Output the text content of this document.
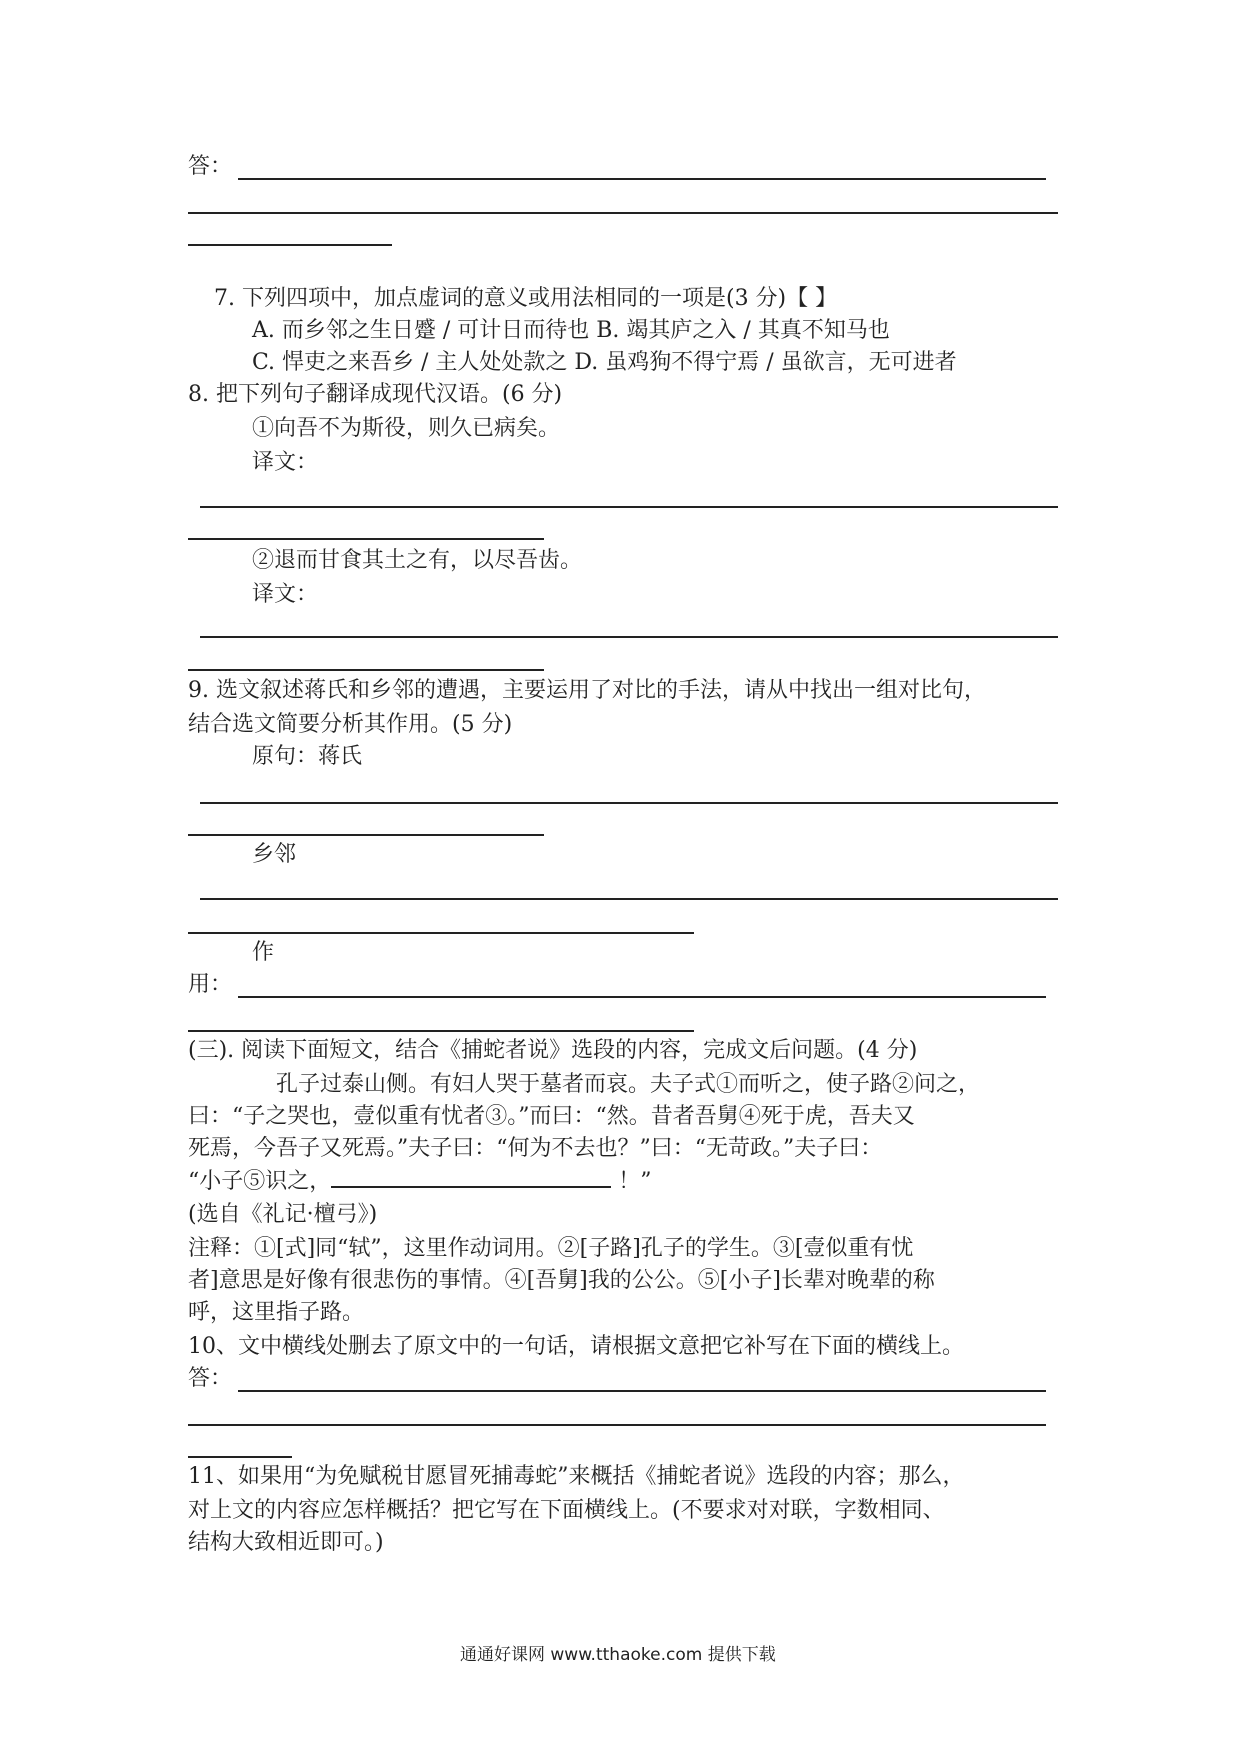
答：
7. 下列四项中，加点虚词的意义或用法相同的一项是(3 分)【 】
A. 而乡邻之生日蹙 / 可计日而待也 B. 竭其庐之入 / 其真不知马也
C. 悍吏之来吾乡 / 主人处处款之 D. 虽鸡狗不得宁焉 / 虽欲言，无可进者
8. 把下列句子翻译成现代汉语。(6 分)
①向吾不为斯役，则久已病矣。
译文：
②退而甘食其土之有，以尽吾齿。
译文：
9. 选文叙述蒋氏和乡邻的遭遇，主要运用了对比的手法，请从中找出一组对比句，
结合选文简要分析其作用。(5 分)
原句：蒋氏
乡邻
作
用：
(三). 阅读下面短文，结合《捕蛇者说》选段的内容，完成文后问题。(4 分)
孔子过泰山侧。有妇人哭于墓者而哀。夫子式①而听之，使子路②问之，
曰：“子之哭也，壹似重有忧者③。”而曰：“然。昔者吾舅④死于虎，吾夫又
死焉，今吾子又死焉。”夫子曰：“何为不去也？”曰：“无苛政。”夫子曰：
“小子⑤识之，	！”
(选自《礼记·檀弓》)
注释：①[式]同“轼”，这里作动词用。②[子路]孔子的学生。③[壹似重有忧
者]意思是好像有很悲伤的事情。④[吾舅]我的公公。⑤[小子]长辈对晚辈的称
呼，这里指子路。
10、文中横线处删去了原文中的一句话，请根据文意把它补写在下面的横线上。
答：
11、如果用“为免赋税甘愿冒死捕毒蛇”来概括《捕蛇者说》选段的内容；那么，
对上文的内容应怎样概括？把它写在下面横线上。(不要求对对联，字数相同、
结构大致相近即可。)
通通好课网 www.tthaoke.com 提供下载
